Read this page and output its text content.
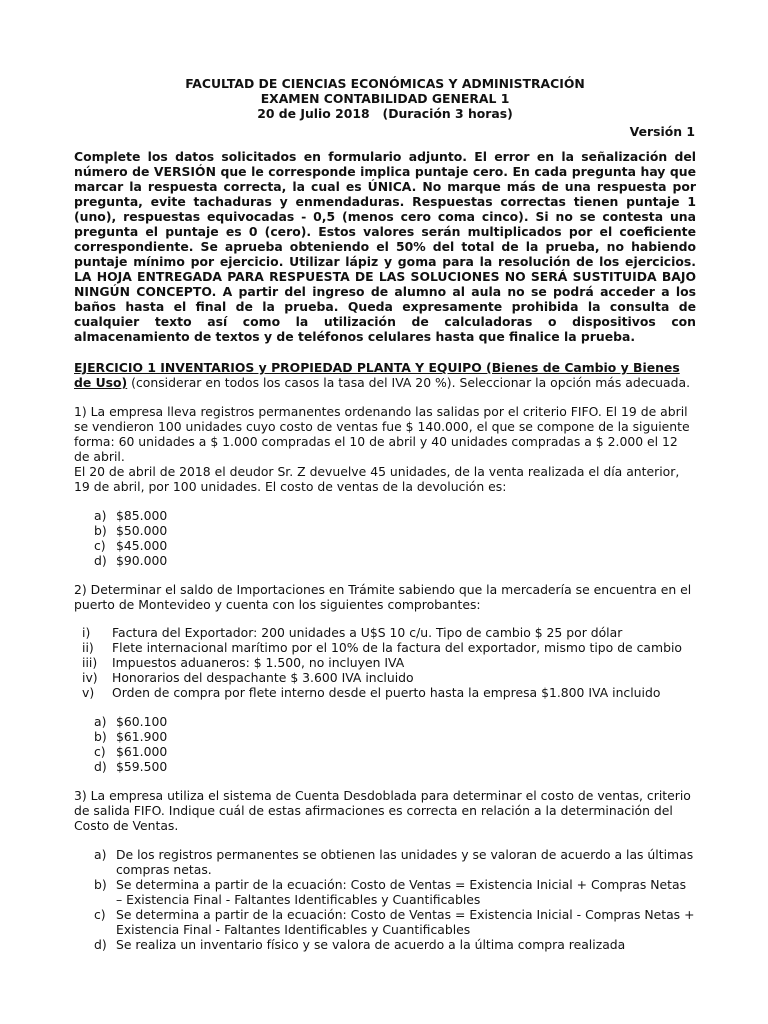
FACULTAD DE CIENCIAS ECONÓMICAS Y ADMINISTRACIÓN
EXAMEN CONTABILIDAD GENERAL 1
20 de Julio 2018   (Duración 3 horas)
Versión 1
Complete los datos solicitados en formulario adjunto. El error en la señalización del número de VERSIÓN que le corresponde implica puntaje cero. En cada pregunta hay que marcar la respuesta correcta, la cual es ÚNICA. No marque más de una respuesta por pregunta, evite tachaduras y enmendaduras. Respuestas correctas tienen puntaje 1 (uno), respuestas equivocadas - 0,5 (menos cero coma cinco). Si no se contesta una pregunta el puntaje es 0 (cero). Estos valores serán multiplicados por el coeficiente correspondiente. Se aprueba obteniendo el 50% del total de la prueba, no habiendo puntaje mínimo por ejercicio. Utilizar lápiz y goma para la resolución de los ejercicios. LA HOJA ENTREGADA PARA RESPUESTA DE LAS SOLUCIONES NO SERÁ SUSTITUIDA BAJO NINGÚN CONCEPTO. A partir del ingreso de alumno al aula no se podrá acceder a los baños hasta el final de la prueba. Queda expresamente prohibida la consulta de cualquier texto así como la utilización de calculadoras o dispositivos con almacenamiento de textos y de teléfonos celulares hasta que finalice la prueba.
EJERCICIO 1 INVENTARIOS y PROPIEDAD PLANTA Y EQUIPO (Bienes de Cambio y Bienes de Uso) (considerar en todos los casos la tasa del IVA 20 %). Seleccionar la opción más adecuada.

1) La empresa lleva registros permanentes ordenando las salidas por el criterio FIFO. El 19 de abril se vendieron 100 unidades cuyo costo de ventas fue $ 140.000, el que se compone de la siguiente forma: 60 unidades a $ 1.000 compradas el 10 de abril y 40 unidades compradas a $ 2.000 el 12 de abril.

El 20 de abril de 2018 el deudor Sr. Z devuelve 45 unidades, de la venta realizada el día anterior, 19 de abril, por 100 unidades. El costo de ventas de la devolución es:

a) $85.000
b) $50.000
c) $45.000
d) $90.000

2) Determinar el saldo de Importaciones en Trámite sabiendo que la mercadería se encuentra en el puerto de Montevideo y cuenta con los siguientes comprobantes:

i)	Factura del Exportador: 200 unidades a U$S 10 c/u. Tipo de cambio $ 25 por dólar
ii)	Flete internacional marítimo por el 10% de la factura del exportador, mismo tipo de cambio
iii)	Impuestos aduaneros: $ 1.500, no incluyen IVA
iv)	Honorarios del despachante $ 3.600 IVA incluido
v)	Orden de compra por flete interno desde el puerto hasta la empresa $1.800 IVA incluido
a) $60.100
b) $61.900
c) $61.000
d) $59.500

3) La empresa utiliza el sistema de Cuenta Desdoblada para determinar el costo de ventas, criterio de salida FIFO. Indique cuál de estas afirmaciones es correcta en relación a la determinación del Costo de Ventas.

a) De los registros permanentes se obtienen las unidades y se valoran de acuerdo a las últimas compras netas.
b) Se determina a partir de la ecuación: Costo de Ventas = Existencia Inicial + Compras Netas – Existencia Final - Faltantes Identificables y Cuantificables
c) Se determina a partir de la ecuación: Costo de Ventas = Existencia Inicial - Compras Netas + Existencia Final - Faltantes Identificables y Cuantificables
d) Se realiza un inventario físico y se valora de acuerdo a la última compra realizada
